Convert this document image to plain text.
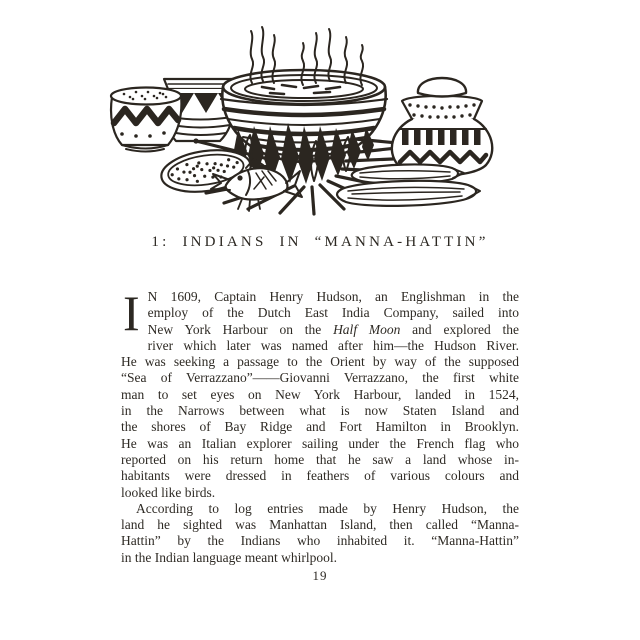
1: INDIANS IN “MANNA-HATTIN”
I N 1609, Captain Henry Hudson, an Englishman in the
employ of the Dutch East India Company, sailed into
New York Harbour on the Half Moon and explored the
river which later was named after him—the Hudson River.
He was seeking a passage to the Orient by way of the supposed
“Sea of Verrazzano”——Giovanni Verrazzano, the first white
man to set eyes on New York Harbour, landed in 1524,
in the Narrows between what is now Staten Island and
the shores of Bay Ridge and Fort Hamilton in Brooklyn.
He was an Italian explorer sailing under the French flag who
reported on his return home that he saw a land whose in-
habitants were dressed in feathers of various colours and
looked like birds.
According to log entries made by Henry Hudson, the
land he sighted was Manhattan Island, then called “Manna-
Hattin” by the Indians who inhabited it. “Manna-Hattin”
in the Indian language meant whirlpool.
19
